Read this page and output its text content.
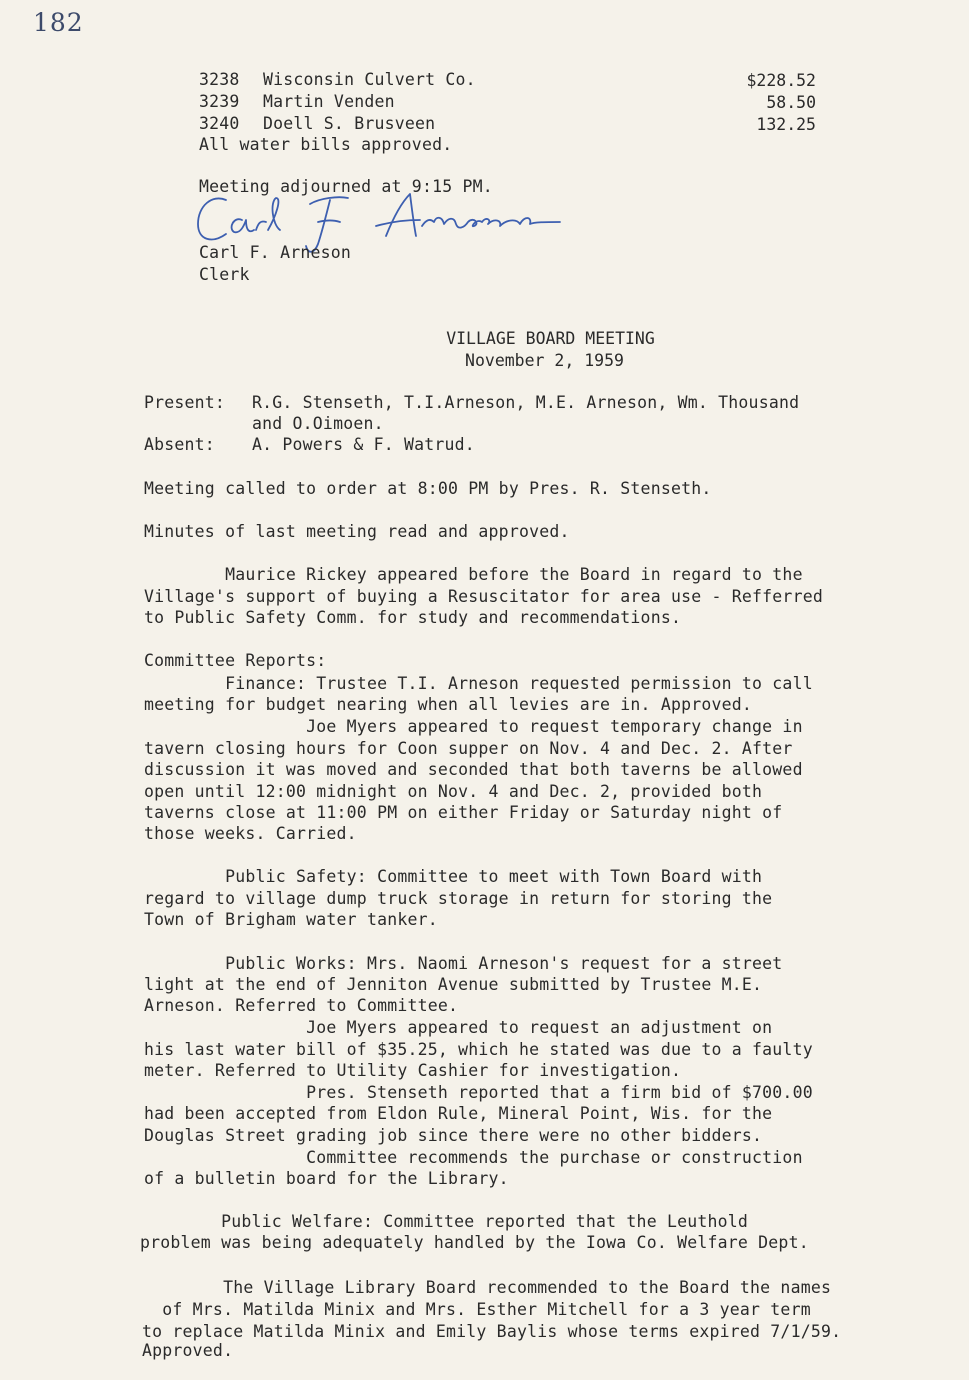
182
3238 Wisconsin Culvert Co.	$228.52
3239 Martin Venden	58.50
3240 Doell S. Brusveen	132.25
All water bills approved.
Meeting adjourned at 9:15 PM.
Carl F. Arneson
Clerk
VILLAGE BOARD MEETING
November 2, 1959
Present: R.G. Stenseth, T.I.Arneson, M.E. Arneson, Wm. Thousand
and O.Oimoen.
Absent: A. Powers & F. Watrud.
Meeting called to order at 8:00 PM by Pres. R. Stenseth.
Minutes of last meeting read and approved.
Maurice Rickey appeared before the Board in regard to the
Village's support of buying a Resuscitator for area use - Refferred
to Public Safety Comm. for study and recommendations.
Committee Reports:
Finance: Trustee T.I. Arneson requested permission to call
meeting for budget nearing when all levies are in. Approved.
Joe Myers appeared to request temporary change in
tavern closing hours for Coon supper on Nov. 4 and Dec. 2. After
discussion it was moved and seconded that both taverns be allowed
open until 12:00 midnight on Nov. 4 and Dec. 2, provided both
taverns close at 11:00 PM on either Friday or Saturday night of
those weeks. Carried.
Public Safety: Committee to meet with Town Board with
regard to village dump truck storage in return for storing the
Town of Brigham water tanker.
Public Works: Mrs. Naomi Arneson's request for a street
light at the end of Jenniton Avenue submitted by Trustee M.E.
Arneson. Referred to Committee.
Joe Myers appeared to request an adjustment on
his last water bill of $35.25, which he stated was due to a faulty
meter. Referred to Utility Cashier for investigation.
Pres. Stenseth reported that a firm bid of $700.00
had been accepted from Eldon Rule, Mineral Point, Wis. for the
Douglas Street grading job since there were no other bidders.
Committee recommends the purchase or construction
of a bulletin board for the Library.
Public Welfare: Committee reported that the Leuthold
problem was being adequately handled by the Iowa Co. Welfare Dept.
The Village Library Board recommended to the Board the names
of Mrs. Matilda Minix and Mrs. Esther Mitchell for a 3 year term
to replace Matilda Minix and Emily Baylis whose terms expired 7/1/59.
Approved.
